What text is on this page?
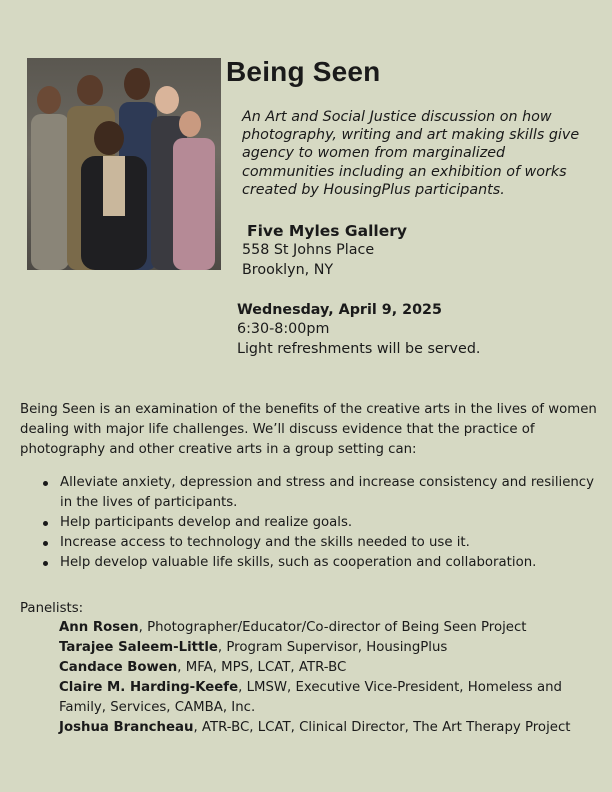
Being Seen

An Art and Social Justice discussion on how photography, writing and art making skills give agency to women from marginalized communities including an exhibition of works created by HousingPlus participants.

Five Myles Gallery
558 St Johns Place
Brooklyn, NY
Wednesday, April 9, 2025
6:30-8:00pm
Light refreshments will be served.

Being Seen is an examination of the benefits of the creative arts in the lives of women dealing with major life challenges. We’ll discuss evidence that the practice of photography and other creative arts in a group setting can:

Alleviate anxiety, depression and stress and increase consistency and resiliency in the lives of participants.
Help participants develop and realize goals.
Increase access to technology and the skills needed to use it.
Help develop valuable life skills, such as cooperation and collaboration.
Panelists:
Ann Rosen, Photographer/Educator/Co-director of Being Seen Project
Tarajee Saleem-Little, Program Supervisor, HousingPlus
Candace Bowen, MFA, MPS, LCAT, ATR-BC
Claire M. Harding-Keefe, LMSW, Executive Vice-President, Homeless and Family, Services, CAMBA, Inc.
Joshua Brancheau, ATR-BC, LCAT, Clinical Director, The Art Therapy Project
